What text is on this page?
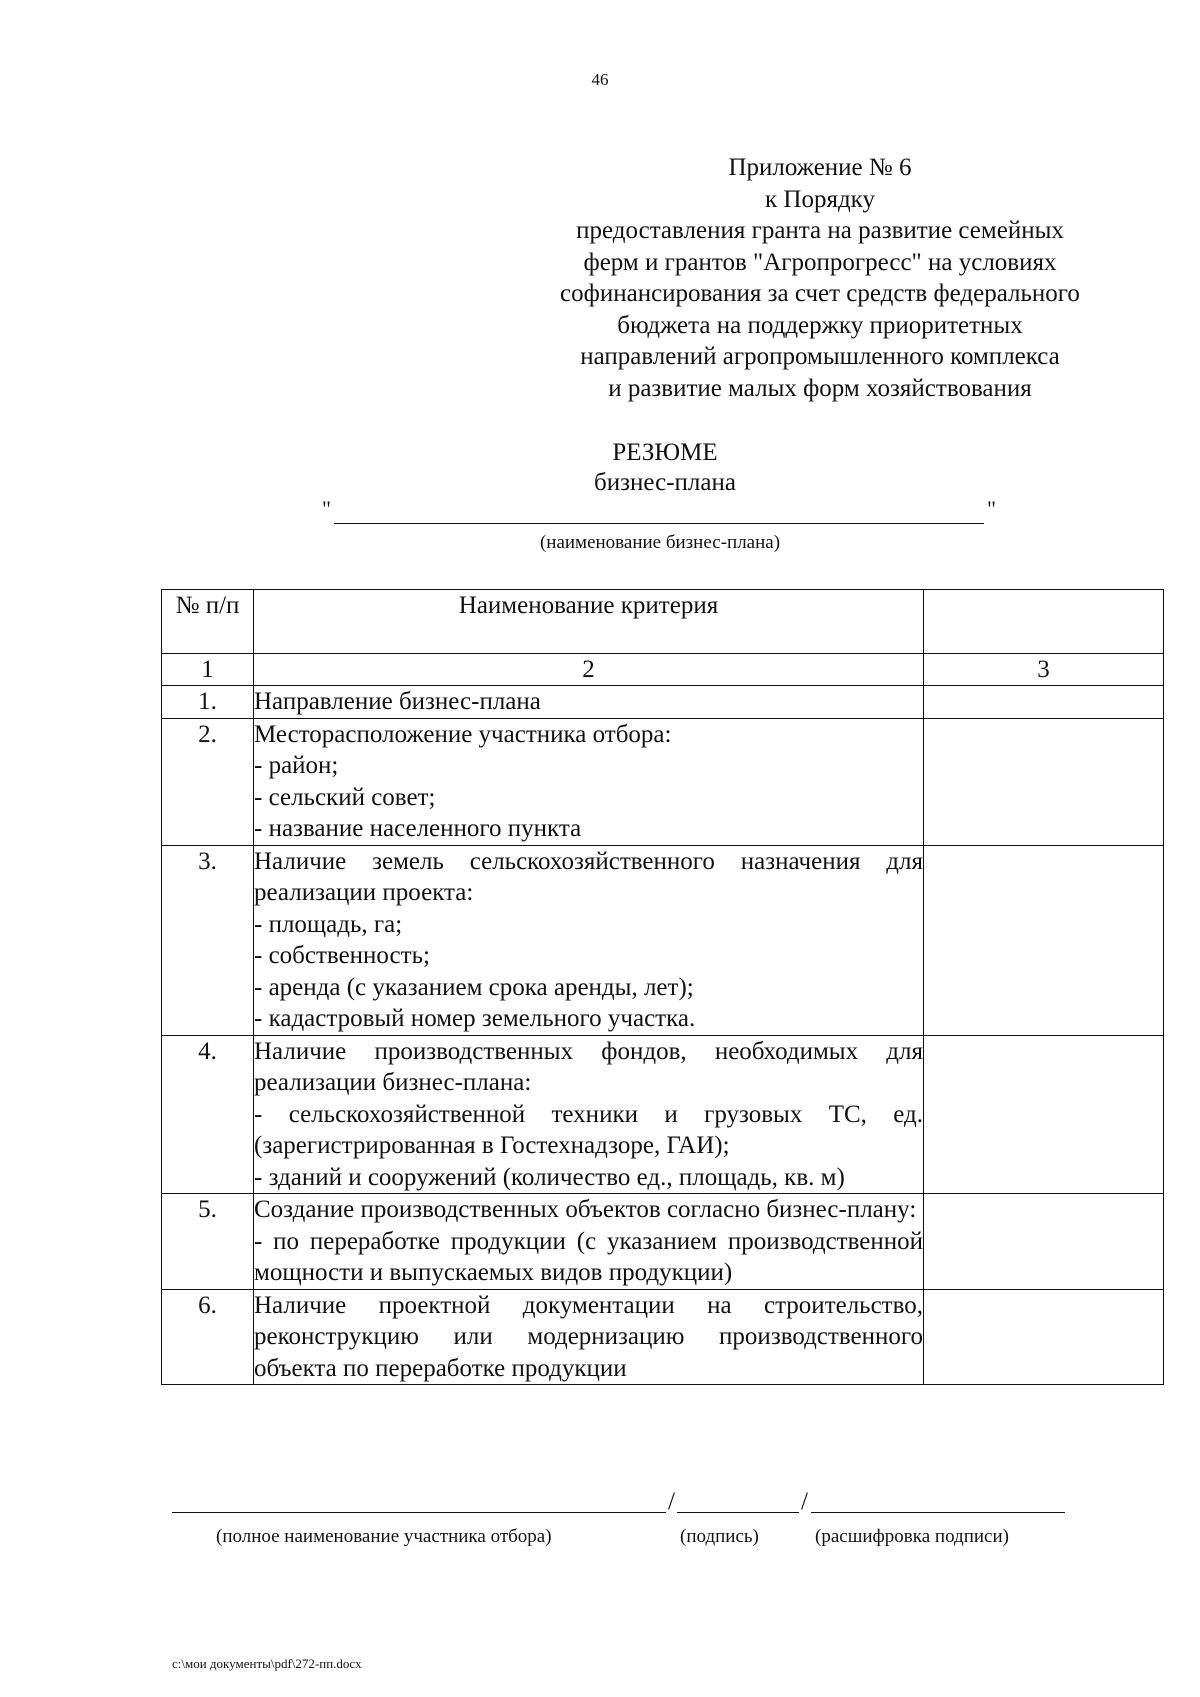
46
Приложение № 6
к Порядку
предоставления гранта на развитие семейных
ферм и грантов "Агропрогресс" на условиях
софинансирования за счет средств федерального
бюджета на поддержку приоритетных
направлений агропромышленного комплекса
и развитие малых форм хозяйствования
РЕЗЮМЕ
бизнес-плана
"	"
(наименование бизнес-плана)
№ п/п	Наименование критерия	
1	2	3
1.	Направление бизнес-плана	

2.	Месторасположение участника отбора:
- район;
- сельский совет;
- название населенного пункта	

3.	Наличие земель сельскохозяйственного назначения для реализации проекта:
- площадь, га;
- собственность;
- аренда (с указанием срока аренды, лет);
- кадастровый номер земельного участка.	

4.	Наличие производственных фондов, необходимых для реализации бизнес-плана:
- сельскохозяйственной техники и грузовых ТС, ед. (зарегистрированная в Гостехнадзоре, ГАИ);
- зданий и сооружений (количество ед., площадь, кв. м)	

5.	Создание производственных объектов согласно бизнес-плану:
- по переработке продукции (с указанием производственной мощности и выпускаемых видов продукции)	

6.	Наличие проектной документации на строительство, реконструкцию или модернизацию производственного объекта по переработке продукции	

/	/
(полное наименование участника отбора)	(подпись)	(расшифровка подписи)
c:\мои документы\pdf\272-пп.docx
